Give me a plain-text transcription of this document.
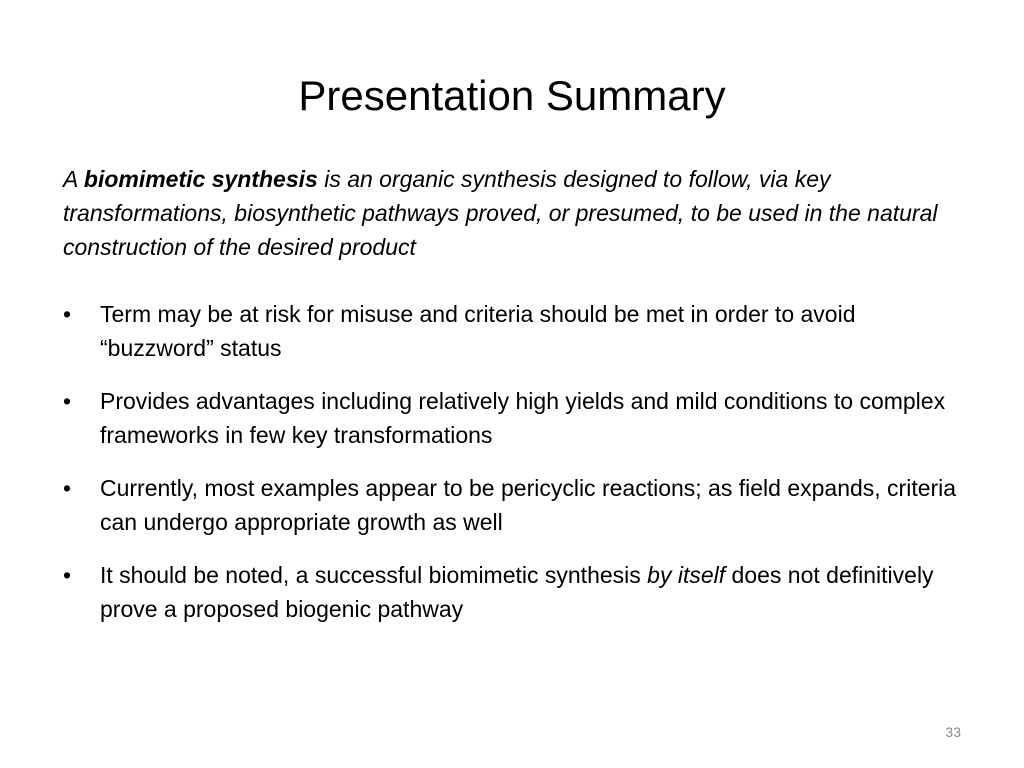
Presentation Summary
A biomimetic synthesis is an organic synthesis designed to follow, via key transformations, biosynthetic pathways proved, or presumed, to be used in the natural construction of the desired product
• Term may be at risk for misuse and criteria should be met in order to avoid “buzzword” status
• Provides advantages including relatively high yields and mild conditions to complex frameworks in few key transformations
• Currently, most examples appear to be pericyclic reactions; as field expands, criteria can undergo appropriate growth as well
• It should be noted, a successful biomimetic synthesis by itself does not definitively prove a proposed biogenic pathway
33
